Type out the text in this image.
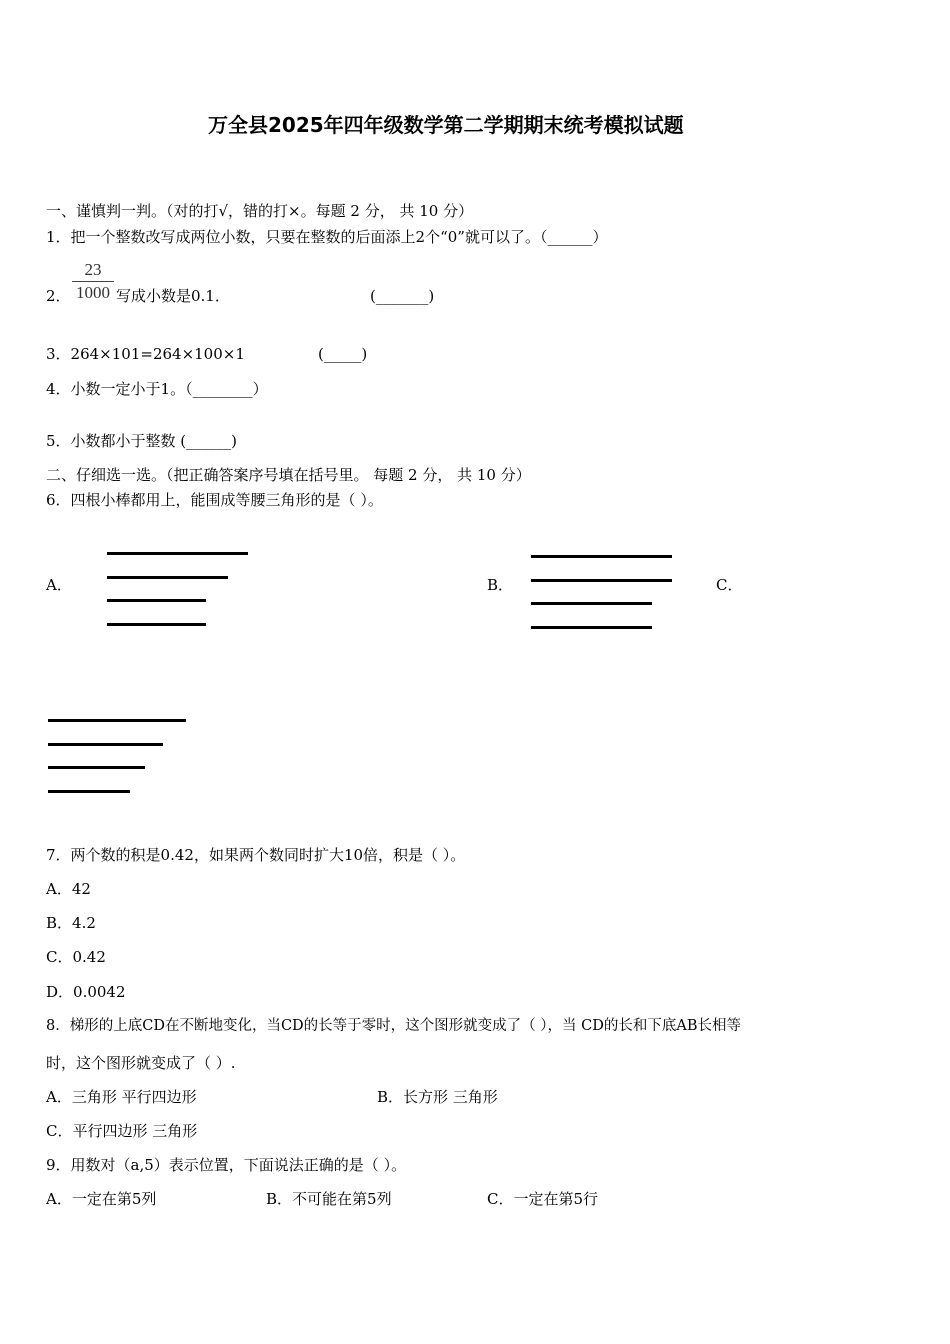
万全县2025年四年级数学第二学期期末统考模拟试题
一、谨慎判一判。（对的打√，错的打×。每题 2 分， 共 10 分）
1．把一个整数改写成两位小数，只要在整数的后面添上2个“0”就可以了。（______）
2．
23
1000 写成小数是0.1．	(_______)
3．264×101=264×100×1	(_____)
4．小数一定小于1。（________）
5．小数都小于整数 (______)
二、仔细选一选。（把正确答案序号填在括号里。 每题 2 分， 共 10 分）
6．四根小棒都用上，能围成等腰三角形的是（ ）。
A．	B．	C．
7．两个数的积是0.42，如果两个数同时扩大10倍，积是（ ）。
A．42
B．4.2
C．0.42
D．0.0042
8．梯形的上底CD在不断地变化，当CD的长等于零时，这个图形就变成了（ ），当 CD的长和下底AB长相等
时，这个图形就变成了（ ）.
A．三角形 平行四边形	B．长方形 三角形
C．平行四边形 三角形
9．用数对（a,5）表示位置，下面说法正确的是（ ）。
A．一定在第5列	B．不可能在第5列	C．一定在第5行
